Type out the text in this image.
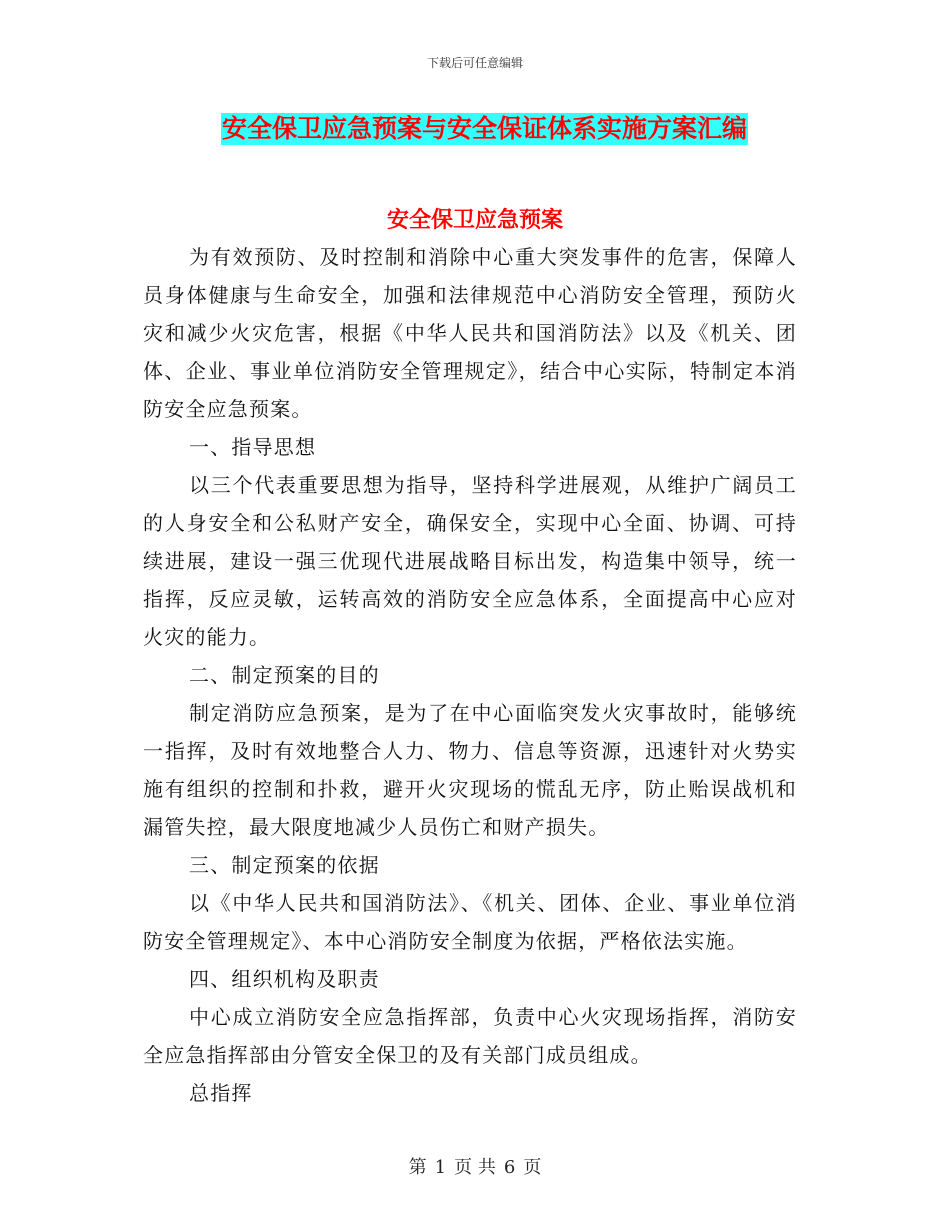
下载后可任意编辑
安全保卫应急预案与安全保证体系实施方案汇编
安全保卫应急预案

为有效预防、及时控制和消除中心重大突发事件的危害，保障人员身体健康与生命安全，加强和法律规范中心消防安全管理，预防火灾和减少火灾危害，根据《中华人民共和国消防法》以及《机关、团体、企业、事业单位消防安全管理规定》，结合中心实际，特制定本消防安全应急预案。

一、指导思想

以三个代表重要思想为指导，坚持科学进展观，从维护广阔员工的人身安全和公私财产安全，确保安全，实现中心全面、协调、可持续进展，建设一强三优现代进展战略目标出发，构造集中领导，统一指挥，反应灵敏，运转高效的消防安全应急体系，全面提高中心应对火灾的能力。

二、制定预案的目的

制定消防应急预案，是为了在中心面临突发火灾事故时，能够统一指挥，及时有效地整合人力、物力、信息等资源，迅速针对火势实施有组织的控制和扑救，避开火灾现场的慌乱无序，防止贻误战机和漏管失控，最大限度地减少人员伤亡和财产损失。

三、制定预案的依据

以《中华人民共和国消防法》、《机关、团体、企业、事业单位消防安全管理规定》、本中心消防安全制度为依据，严格依法实施。

四、组织机构及职责

中心成立消防安全应急指挥部，负责中心火灾现场指挥，消防安全应急指挥部由分管安全保卫的及有关部门成员组成。

总指挥

第 1 页 共 6 页
